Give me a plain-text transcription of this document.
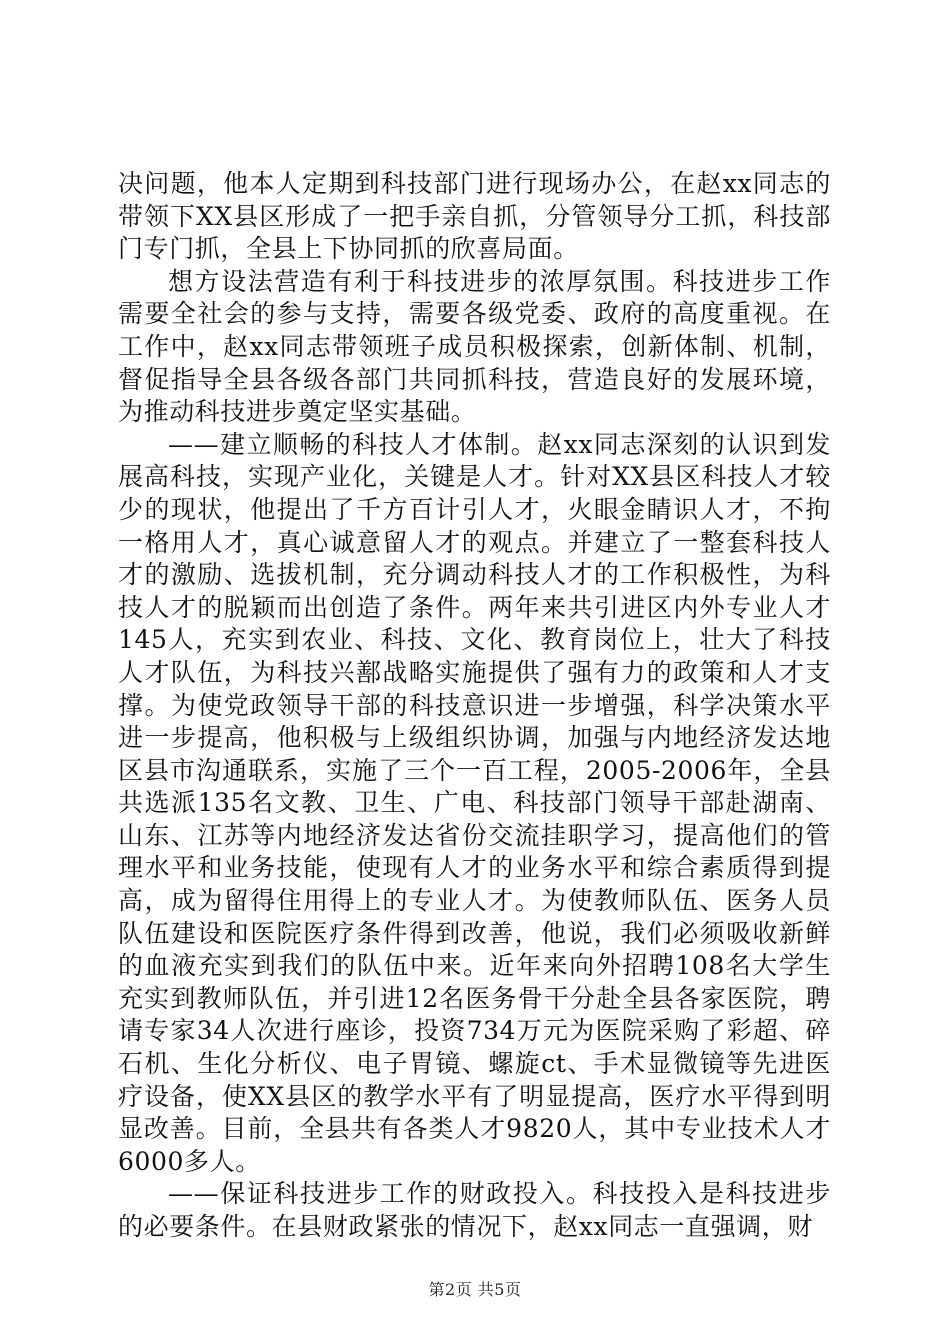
决问题，他本人定期到科技部门进行现场办公，在赵xx同志的带领下XX县区形成了一把手亲自抓，分管领导分工抓，科技部门专门抓，全县上下协同抓的欣喜局面。

想方设法营造有利于科技进步的浓厚氛围。科技进步工作需要全社会的参与支持，需要各级党委、政府的高度重视。在工作中，赵xx同志带领班子成员积极探索，创新体制、机制，督促指导全县各级各部门共同抓科技，营造良好的发展环境，为推动科技进步奠定坚实基础。

——建立顺畅的科技人才体制。赵xx同志深刻的认识到发展高科技，实现产业化，关键是人才。针对XX县区科技人才较少的现状，他提出了千方百计引人才，火眼金睛识人才，不拘一格用人才，真心诚意留人才的观点。并建立了一整套科技人才的激励、选拔机制，充分调动科技人才的工作积极性，为科技人才的脱颖而出创造了条件。两年来共引进区内外专业人才145人，充实到农业、科技、文化、教育岗位上，壮大了科技人才队伍，为科技兴鄯战略实施提供了强有力的政策和人才支撑。为使党政领导干部的科技意识进一步增强，科学决策水平进一步提高，他积极与上级组织协调，加强与内地经济发达地区县市沟通联系，实施了三个一百工程，2005-2006年，全县共选派135名文教、卫生、广电、科技部门领导干部赴湖南、山东、江苏等内地经济发达省份交流挂职学习，提高他们的管理水平和业务技能，使现有人才的业务水平和综合素质得到提高，成为留得住用得上的专业人才。为使教师队伍、医务人员队伍建设和医院医疗条件得到改善，他说，我们必须吸收新鲜的血液充实到我们的队伍中来。近年来向外招聘108名大学生充实到教师队伍，并引进12名医务骨干分赴全县各家医院，聘请专家34人次进行座诊，投资734万元为医院采购了彩超、碎石机、生化分析仪、电子胃镜、螺旋ct、手术显微镜等先进医疗设备，使XX县区的教学水平有了明显提高，医疗水平得到明显改善。目前，全县共有各类人才9820人，其中专业技术人才6000多人。

——保证科技进步工作的财政投入。科技投入是科技进步的必要条件。在县财政紧张的情况下，赵xx同志一直强调，财

第2页 共5页
